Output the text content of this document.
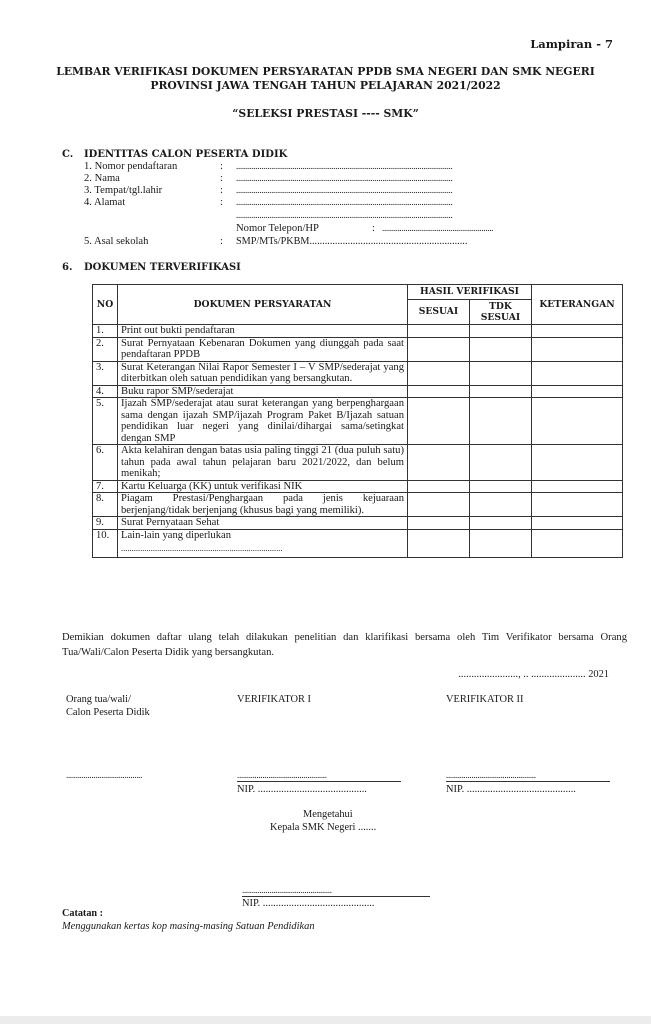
Lampiran - 7
LEMBAR VERIFIKASI DOKUMEN PERSYARATAN PPDB SMA NEGERI DAN SMK NEGERI
PROVINSI JAWA TENGAH TAHUN PELAJARAN 2021/2022
“SELEKSI PRESTASI ---- SMK”
C. IDENTITAS CALON PESERTA DIDIK
1. Nomor pendaftaran	: ...............................................................................................................
2. Nama	: ...............................................................................................................
3. Tempat/tgl.lahir	: ...............................................................................................................
4. Alamat	: ...............................................................................................................
...............................................................................................................
Nomor Telepon/HP	: .........................................................
5. Asal sekolah	: SMP/MTs/PKBM..............................................................
6. DOKUMEN TERVERIFIKASI
NO	DOKUMEN PERSYARATAN	HASIL VERIFIKASI		KETERANGAN
		SESUAI	TDK SESUAI	
1.	Print out bukti pendaftaran			
2.	Surat Pernyataan Kebenaran Dokumen yang diunggah pada saat pendaftaran PPDB			
3.	Surat Keterangan Nilai Rapor Semester I – V SMP/sederajat yang diterbitkan oleh satuan pendidikan yang bersangkutan.			
4.	Buku rapor SMP/sederajat			
5.	Ijazah SMP/sederajat atau surat keterangan yang berpenghargaan sama dengan ijazah SMP/ijazah Program Paket B/Ijazah satuan pendidikan luar negeri yang dinilai/dihargai sama/setingkat dengan SMP			
6.	Akta kelahiran dengan batas usia paling tinggi 21 (dua puluh satu) tahun pada awal tahun pelajaran baru 2021/2022, dan belum menikah;			
7.	Kartu Keluarga (KK) untuk verifikasi NIK			
8.	Piagam Prestasi/Penghargaan pada jenis kejuaraan berjenjang/tidak berjenjang (khusus bagi yang memiliki).			
9.	Surat Pernyataan Sehat			
10.	Lain-lain yang diperlukan
............................................................................			

Demikian dokumen daftar ulang telah dilakukan penelitian dan klarifikasi bersama oleh Tim Verifikator bersama Orang Tua/Wali/Calon Peserta Didik yang bersangkutan.
......................., .. ..................... 2021
Orang tua/wali/
Calon Peserta Didik
VERIFIKATOR I	VERIFIKATOR II
.......................................	..............................................
NIP. ..........................................
..............................................
NIP. ..........................................
Mengetahui
Kepala SMK Negeri .......
..............................................
NIP. ...........................................
Catatan :
Menggunakan kertas kop masing-masing Satuan Pendidikan
